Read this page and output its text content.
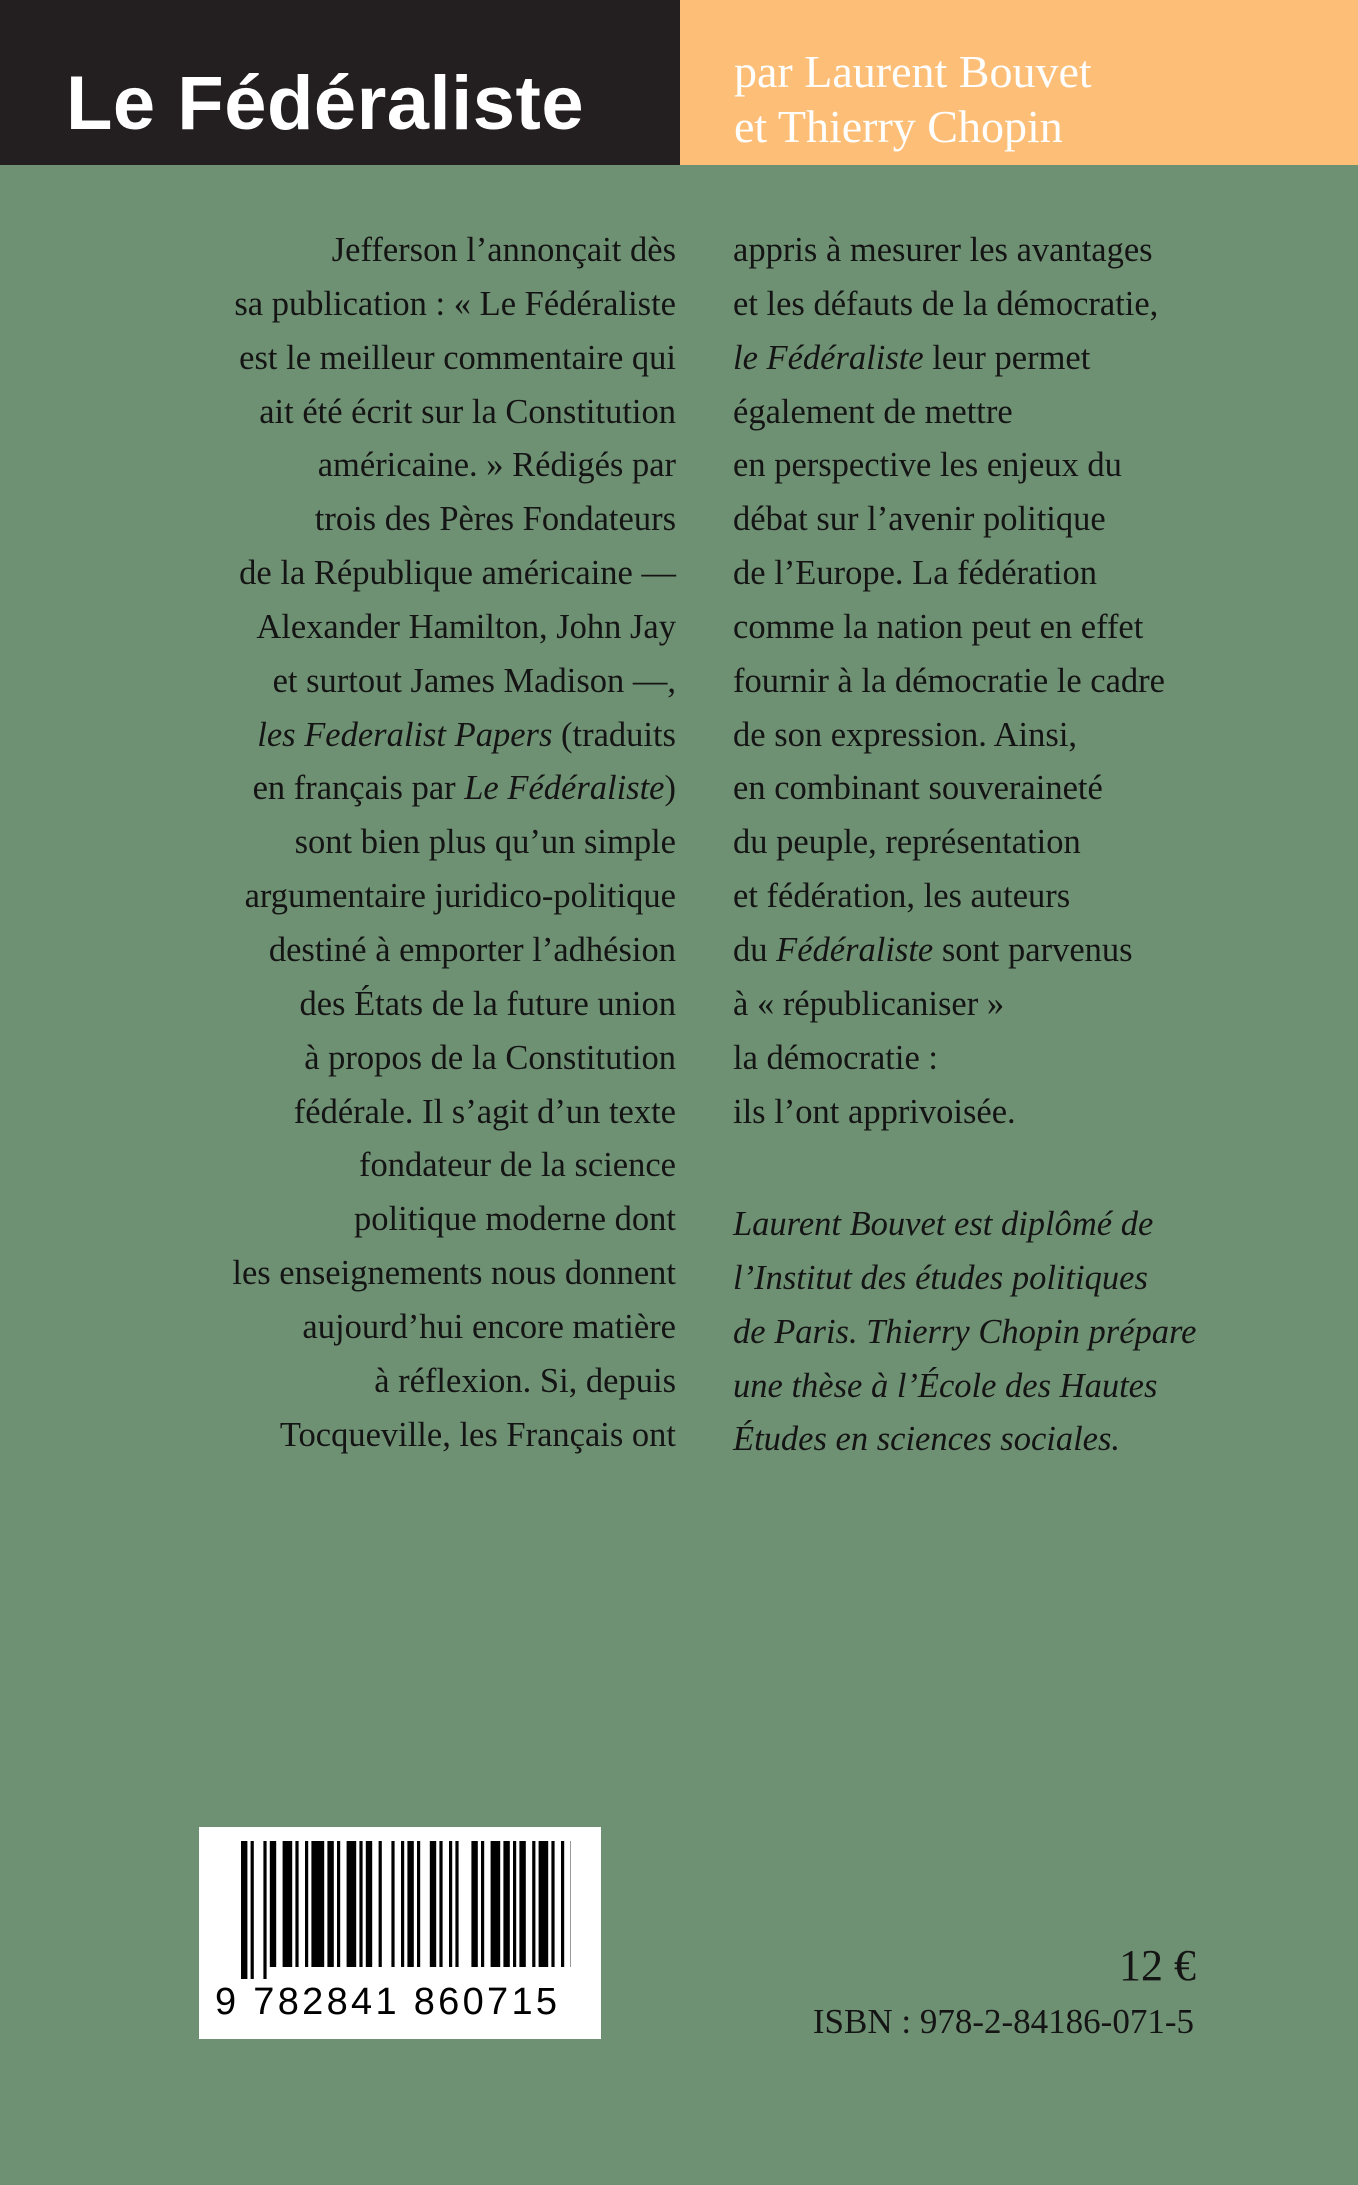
Le Fédéraliste	par Laurent Bouvet
et Thierry Chopin
Jefferson l’annonçait dès
sa publication : « Le Fédéraliste
est le meilleur commentaire qui
ait été écrit sur la Constitution
américaine. » Rédigés par
trois des Pères Fondateurs
de la République américaine —
Alexander Hamilton, John Jay
et surtout James Madison —,
les Federalist Papers (traduits
en français par Le Fédéraliste)
sont bien plus qu’un simple
argumentaire juridico-politique
destiné à emporter l’adhésion
des États de la future union
à propos de la Constitution
fédérale. Il s’agit d’un texte
fondateur de la science
politique moderne dont
les enseignements nous donnent
aujourd’hui encore matière
à réflexion. Si, depuis
Tocqueville, les Français ont
appris à mesurer les avantages
et les défauts de la démocratie,
le Fédéraliste leur permet
également de mettre
en perspective les enjeux du
débat sur l’avenir politique
de l’Europe. La fédération
comme la nation peut en effet
fournir à la démocratie le cadre
de son expression. Ainsi,
en combinant souveraineté
du peuple, représentation
et fédération, les auteurs
du Fédéraliste sont parvenus
à « républicaniser »
la démocratie :
ils l’ont apprivoisée.
Laurent Bouvet est diplômé de
l’Institut des études politiques
de Paris. Thierry Chopin prépare
une thèse à l’École des Hautes
Études en sciences sociales.
9 782841 860715
12 €
ISBN : 978-2-84186-071-5
